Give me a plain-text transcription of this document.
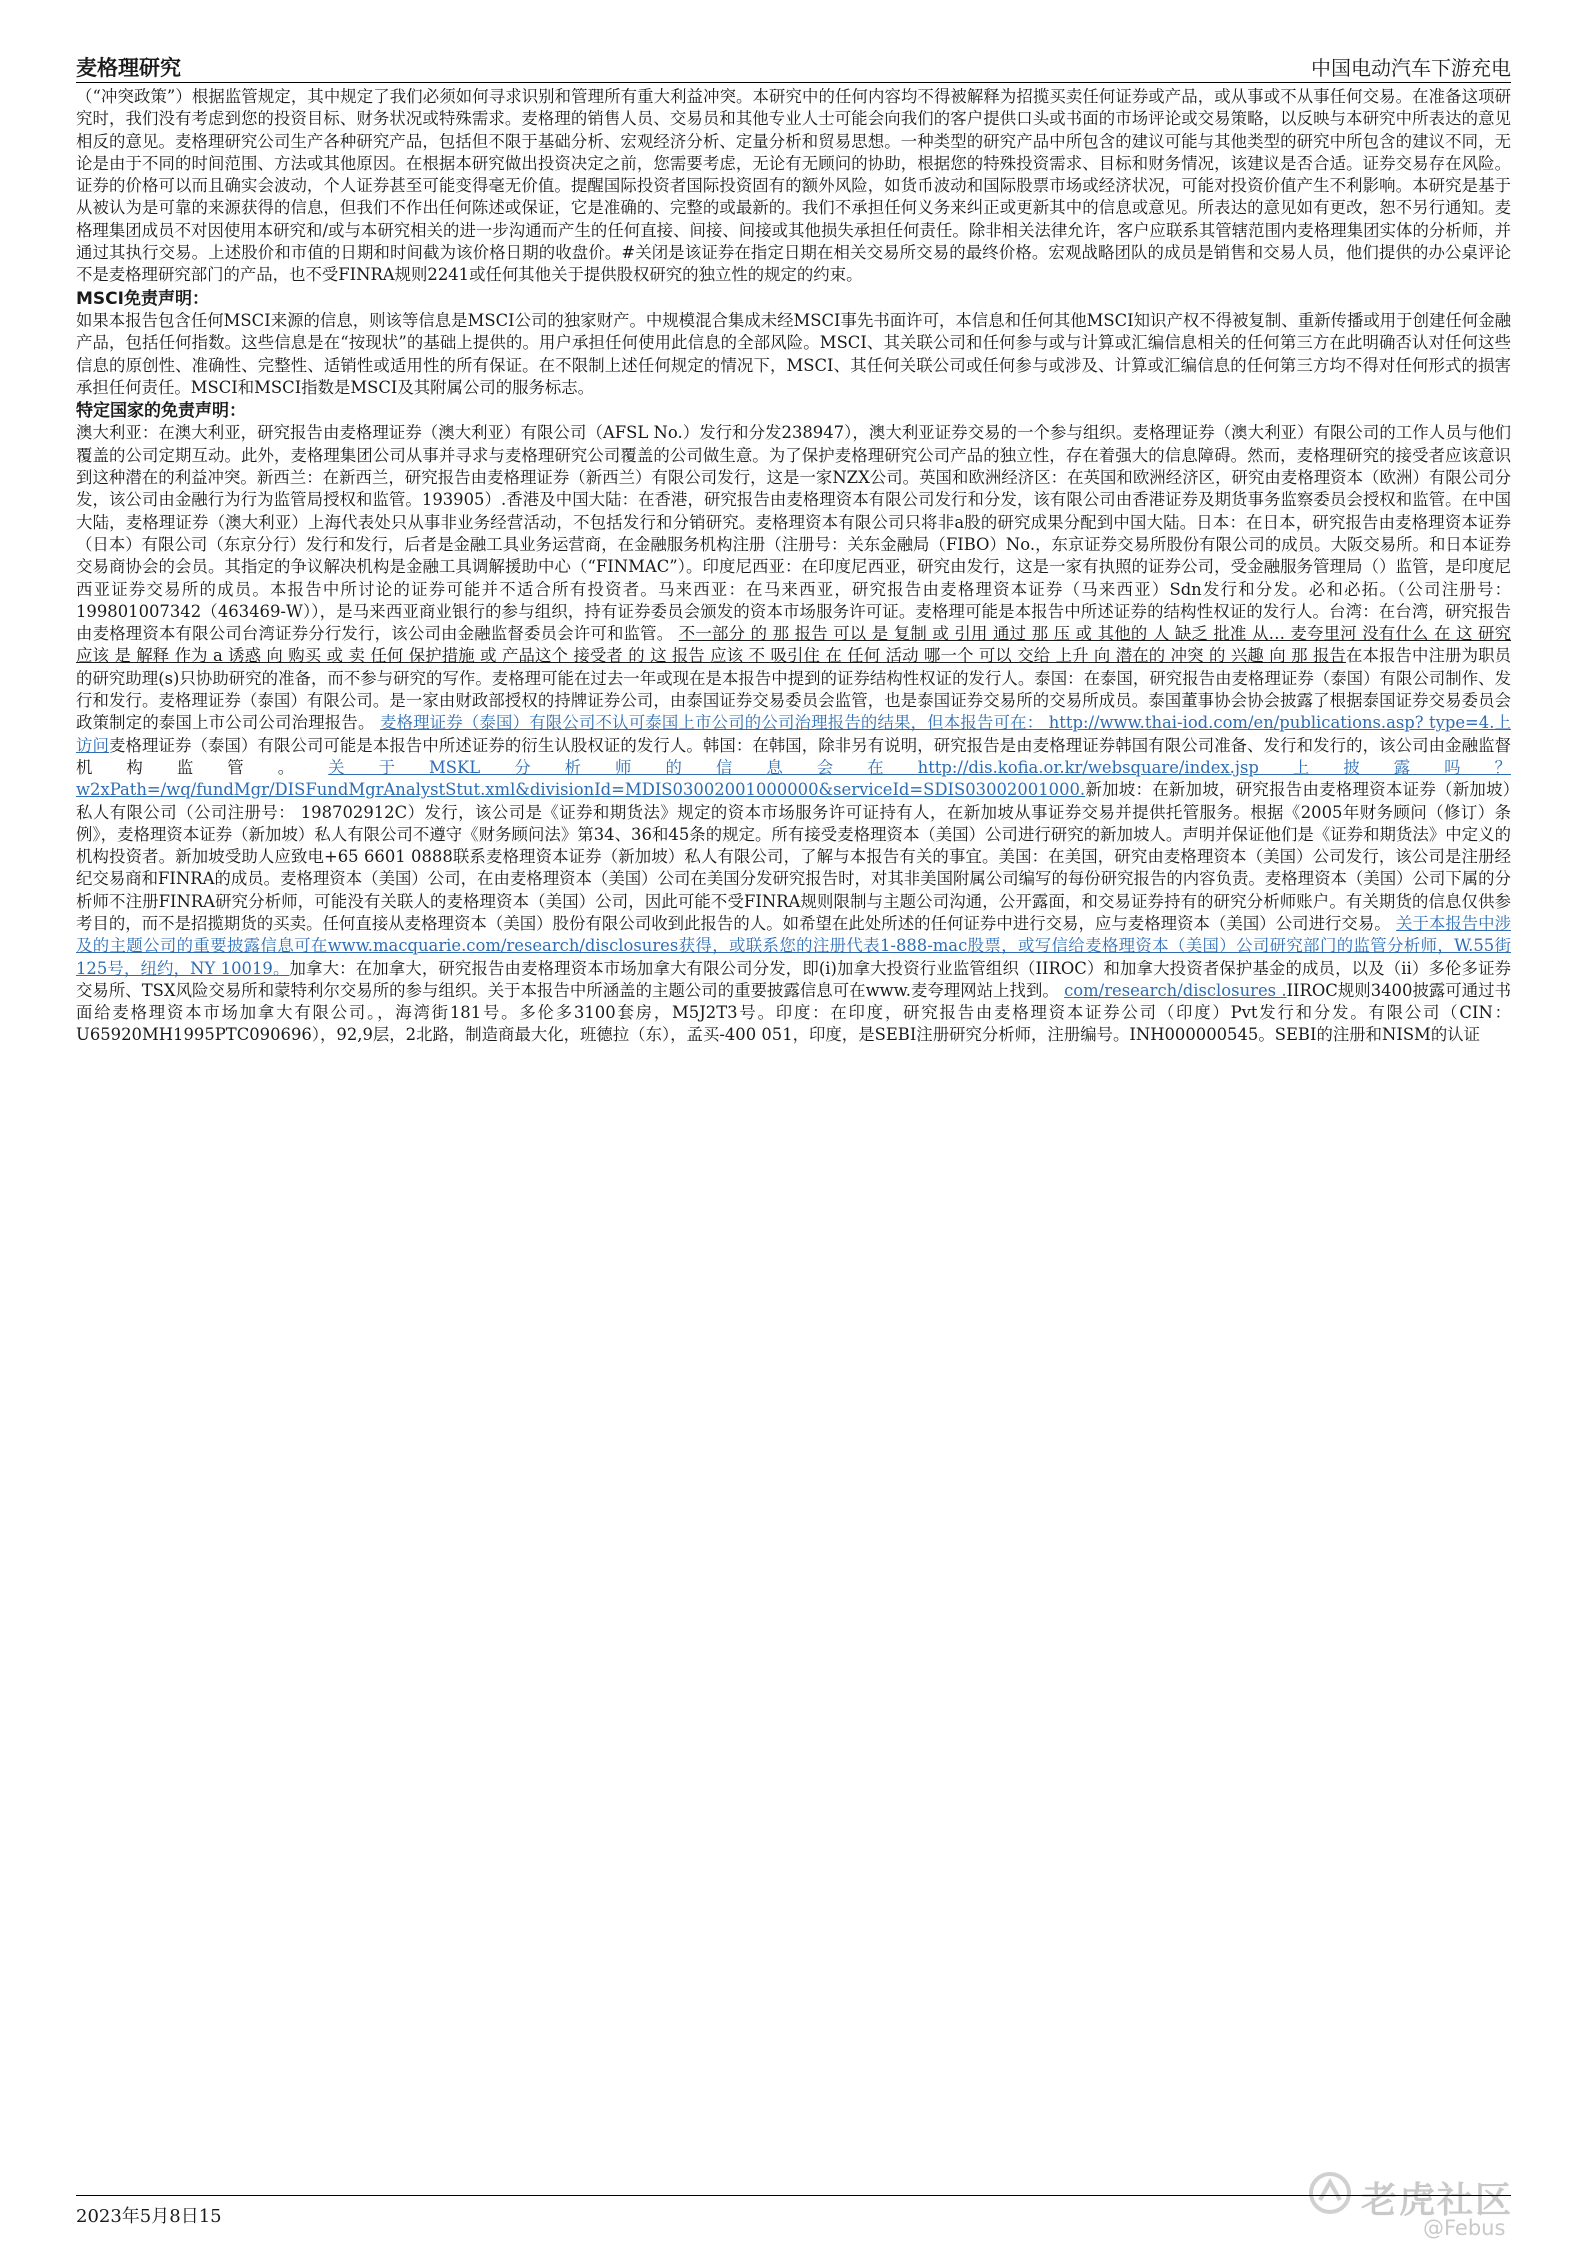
麦格理研究	中国电动汽车下游充电

（“冲突政策”）根据监管规定，其中规定了我们必须如何寻求识别和管理所有重大利益冲突。本研究中的任何内容均不得被解释为招揽买卖任何证券或产品，或从事或不从事任何交易。在准备这项研究时，我们没有考虑到您的投资目标、财务状况或特殊需求。麦格理的销售人员、交易员和其他专业人士可能会向我们的客户提供口头或书面的市场评论或交易策略，以反映与本研究中所表达的意见相反的意见。麦格理研究公司生产各种研究产品，包括但不限于基础分析、宏观经济分析、定量分析和贸易思想。一种类型的研究产品中所包含的建议可能与其他类型的研究中所包含的建议不同，无论是由于不同的时间范围、方法或其他原因。在根据本研究做出投资决定之前，您需要考虑，无论有无顾问的协助，根据您的特殊投资需求、目标和财务情况，该建议是否合适。证券交易存在风险。证券的价格可以而且确实会波动，个人证券甚至可能变得毫无价值。提醒国际投资者国际投资固有的额外风险，如货币波动和国际股票市场或经济状况，可能对投资价值产生不利影响。本研究是基于从被认为是可靠的来源获得的信息，但我们不作出任何陈述或保证，它是准确的、完整的或最新的。我们不承担任何义务来纠正或更新其中的信息或意见。所表达的意见如有更改，恕不另行通知。麦格理集团成员不对因使用本研究和/或与本研究相关的进一步沟通而产生的任何直接、间接、间接或其他损失承担任何责任。除非相关法律允许，客户应联系其管辖范围内麦格理集团实体的分析师，并通过其执行交易。上述股价和市值的日期和时间截为该价格日期的收盘价。#关闭是该证券在指定日期在相关交易所交易的最终价格。宏观战略团队的成员是销售和交易人员，他们提供的办公桌评论不是麦格理研究部门的产品，也不受FINRA规则2241或任何其他关于提供股权研究的独立性的规定的约束。

MSCI免责声明：

如果本报告包含任何MSCI来源的信息，则该等信息是MSCI公司的独家财产。中规模混合集成未经MSCI事先书面许可，本信息和任何其他MSCI知识产权不得被复制、重新传播或用于创建任何金融产品，包括任何指数。这些信息是在“按现状”的基础上提供的。用户承担任何使用此信息的全部风险。MSCI、其关联公司和任何参与或与计算或汇编信息相关的任何第三方在此明确否认对任何这些信息的原创性、准确性、完整性、适销性或适用性的所有保证。在不限制上述任何规定的情况下，MSCI、其任何关联公司或任何参与或涉及、计算或汇编信息的任何第三方均不得对任何形式的损害承担任何责任。MSCI和MSCI指数是MSCI及其附属公司的服务标志。

特定国家的免责声明：

澳大利亚：在澳大利亚，研究报告由麦格理证券（澳大利亚）有限公司（AFSL No.）发行和分发238947），澳大利亚证券交易的一个参与组织。麦格理证券（澳大利亚）有限公司的工作人员与他们覆盖的公司定期互动。此外，麦格理集团公司从事并寻求与麦格理研究公司覆盖的公司做生意。为了保护麦格理研究公司产品的独立性，存在着强大的信息障碍。然而，麦格理研究的接受者应该意识到这种潜在的利益冲突。新西兰：在新西兰，研究报告由麦格理证券（新西兰）有限公司发行，这是一家NZX公司。英国和欧洲经济区：在英国和欧洲经济区，研究由麦格理资本（欧洲）有限公司分发，该公司由金融行为行为监管局授权和监管。193905）.香港及中国大陆：在香港，研究报告由麦格理资本有限公司发行和分发，该有限公司由香港证券及期货事务监察委员会授权和监管。在中国大陆，麦格理证券（澳大利亚）上海代表处只从事非业务经营活动，不包括发行和分销研究。麦格理资本有限公司只将非a股的研究成果分配到中国大陆。日本：在日本，研究报告由麦格理资本证券（日本）有限公司（东京分行）发行和发行，后者是金融工具业务运营商，在金融服务机构注册（注册号：关东金融局（FIBO）No.，东京证券交易所股份有限公司的成员。大阪交易所。和日本证券交易商协会的会员。其指定的争议解决机构是金融工具调解援助中心（“FINMAC”）。印度尼西亚：在印度尼西亚，研究由发行，这是一家有执照的证券公司，受金融服务管理局（）监管，是印度尼西亚证券交易所的成员。本报告中所讨论的证券可能并不适合所有投资者。马来西亚：在马来西亚，研究报告由麦格理资本证券（马来西亚）Sdn发行和分发。必和必拓。（公司注册号： 199801007342（463469-W）），是马来西亚商业银行的参与组织，持有证券委员会颁发的资本市场服务许可证。麦格理可能是本报告中所述证券的结构性权证的发行人。台湾：在台湾，研究报告由麦格理资本有限公司台湾证券分行发行，该公司由金融监督委员会许可和监管。 不一部分 的 那 报告 可以 是 复制 或 引用 通过 那 压 或 其他的 人 缺乏 批准 从… 麦夸里河 没有什么 在 这 研究 应该 是 解释 作为 a 诱惑 向 购买 或 卖 任何 保护措施 或 产品这个 接受者 的 这 报告 应该 不 吸引住 在 任何 活动 哪一个 可以 交给 上升 向 潜在的 冲突 的 兴趣 向 那 报告在本报告中注册为职员的研究助理(s)只协助研究的准备，而不参与研究的写作。麦格理可能在过去一年或现在是本报告中提到的证券结构性权证的发行人。泰国：在泰国，研究报告由麦格理证券（泰国）有限公司制作、发行和发行。麦格理证券（泰国）有限公司。是一家由财政部授权的持牌证券公司，由泰国证券交易委员会监管，也是泰国证券交易所的交易所成员。泰国董事协会协会披露了根据泰国证券交易委员会政策制定的泰国上市公司公司治理报告。 麦格理证券（泰国）有限公司不认可泰国上市公司的公司治理报告的结果，但本报告可在： http://www.thai-iod.com/en/publications.asp? type=4.上访问麦格理证券（泰国）有限公司可能是本报告中所述证券的衍生认股权证的发行人。韩国：在韩国，除非另有说明，研究报告是由麦格理证券韩国有限公司准备、发行和发行的，该公司由金融监督机构监管。关于MSKL分析师的信息会在http://dis.kofia.or.kr/websquare/index.jsp上披露吗？w2xPath=/wq/fundMgr/DISFundMgrAnalystStut.xml&divisionId=MDIS03002001000000&serviceId=SDIS03002001000.新加坡：在新加坡，研究报告由麦格理资本证券（新加坡）私人有限公司（公司注册号： 198702912C）发行，该公司是《证券和期货法》规定的资本市场服务许可证持有人，在新加坡从事证券交易并提供托管服务。根据《2005年财务顾问（修订）条例》，麦格理资本证券（新加坡）私人有限公司不遵守《财务顾问法》第34、36和45条的规定。所有接受麦格理资本（美国）公司进行研究的新加坡人。声明并保证他们是《证券和期货法》中定义的机构投资者。新加坡受助人应致电+65 6601 0888联系麦格理资本证券（新加坡）私人有限公司，了解与本报告有关的事宜。美国：在美国，研究由麦格理资本（美国）公司发行，该公司是注册经纪交易商和FINRA的成员。麦格理资本（美国）公司，在由麦格理资本（美国）公司在美国分发研究报告时，对其非美国附属公司编写的每份研究报告的内容负责。麦格理资本（美国）公司下属的分析师不注册FINRA研究分析师，可能没有关联人的麦格理资本（美国）公司，因此可能不受FINRA规则限制与主题公司沟通，公开露面，和交易证券持有的研究分析师账户。有关期货的信息仅供参考目的，而不是招揽期货的买卖。任何直接从麦格理资本（美国）股份有限公司收到此报告的人。如希望在此处所述的任何证券中进行交易，应与麦格理资本（美国）公司进行交易。 关于本报告中涉及的主题公司的重要披露信息可在www.macquarie.com/research/disclosures获得，或联系您的注册代表1-888-mac股票，或写信给麦格理资本（美国）公司研究部门的监管分析师，W.55街125号，纽约，NY 10019。加拿大：在加拿大，研究报告由麦格理资本市场加拿大有限公司分发，即(i)加拿大投资行业监管组织（IIROC）和加拿大投资者保护基金的成员，以及（ii）多伦多证券交易所、TSX风险交易所和蒙特利尔交易所的参与组织。关于本报告中所涵盖的主题公司的重要披露信息可在www.麦夸理网站上找到。 com/research/disclosures .IIROC规则3400披露可通过书面给麦格理资本市场加拿大有限公司。，海湾街181号。多伦多3100套房，M5J2T3号。印度：在印度，研究报告由麦格理资本证券公司（印度）Pvt发行和分发。有限公司（CIN： U65920MH1995PTC090696），92,9层，2北路，制造商最大化，班德拉（东），孟买-400 051，印度，是SEBI注册研究分析师，注册编号。INH000000545。SEBI的注册和NISM的认证

老虎社区
@Febus
2023年5月8日15
